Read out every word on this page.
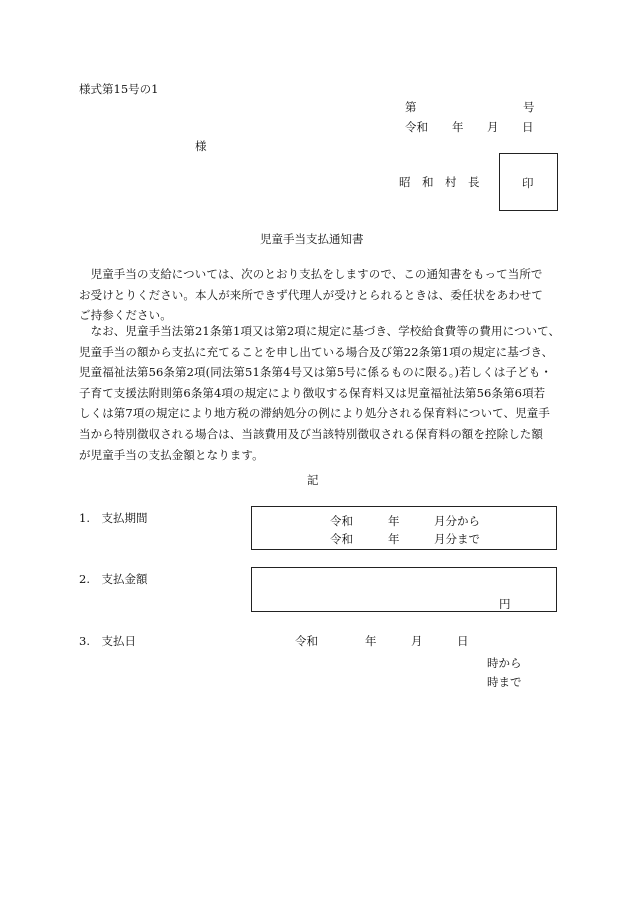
様式第15号の1
第	号
令和 年 月 日
様
昭　和　村　長	印
児童手当支払通知書
　児童手当の支給については、次のとおり支払をしますので、この通知書をもって当所で
お受けとりください。本人が来所できず代理人が受けとられるときは、委任状をあわせて
ご持参ください。
　なお、児童手当法第21条第1項又は第2項に規定に基づき、学校給食費等の費用について、
児童手当の額から支払に充てることを申し出ている場合及び第22条第1項の規定に基づき、
児童福祉法第56条第2項(同法第51条第4号又は第5号に係るものに限る。)若しくは子ども・
子育て支援法附則第6条第4項の規定により徴収する保育料又は児童福祉法第56条第6項若
しくは第7項の規定により地方税の滞納処分の例により処分される保育料について、児童手
当から特別徴収される場合は、当該費用及び当該特別徴収される保育料の額を控除した額
が児童手当の支払金額となります。
記
1.　支払期間	令和	年	月分から
令和	年	月分まで
2.　支払金額
円
3.　支払日	令和	年	月	日
時から
時まで
